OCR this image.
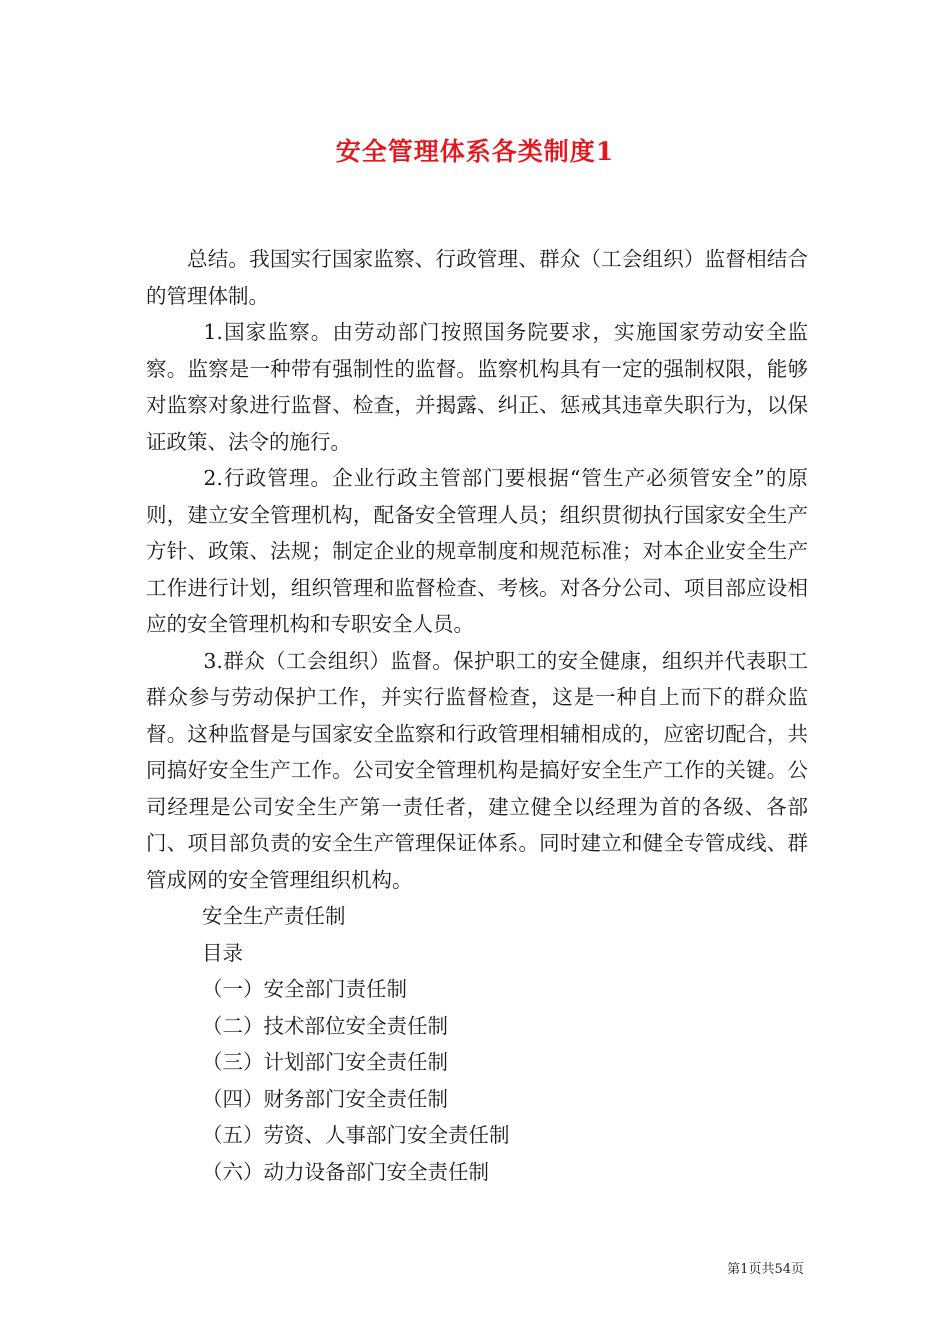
安全管理体系各类制度1

总结。我国实行国家监察、行政管理、群众（工会组织）监督相结合的管理体制。

1.国家监察。由劳动部门按照国务院要求，实施国家劳动安全监察。监察是一种带有强制性的监督。监察机构具有一定的强制权限，能够对监察对象进行监督、检查，并揭露、纠正、惩戒其违章失职行为，以保证政策、法令的施行。

2.行政管理。企业行政主管部门要根据“管生产必须管安全”的原则，建立安全管理机构，配备安全管理人员；组织贯彻执行国家安全生产方针、政策、法规；制定企业的规章制度和规范标准；对本企业安全生产工作进行计划，组织管理和监督检查、考核。对各分公司、项目部应设相应的安全管理机构和专职安全人员。

3.群众（工会组织）监督。保护职工的安全健康，组织并代表职工群众参与劳动保护工作，并实行监督检查，这是一种自上而下的群众监督。这种监督是与国家安全监察和行政管理相辅相成的，应密切配合，共同搞好安全生产工作。公司安全管理机构是搞好安全生产工作的关键。公司经理是公司安全生产第一责任者，建立健全以经理为首的各级、各部门、项目部负责的安全生产管理保证体系。同时建立和健全专管成线、群管成网的安全管理组织机构。

安全生产责任制

目录

（一）安全部门责任制

（二）技术部位安全责任制

（三）计划部门安全责任制

（四）财务部门安全责任制

（五）劳资、人事部门安全责任制

（六）动力设备部门安全责任制

第1页共54页
